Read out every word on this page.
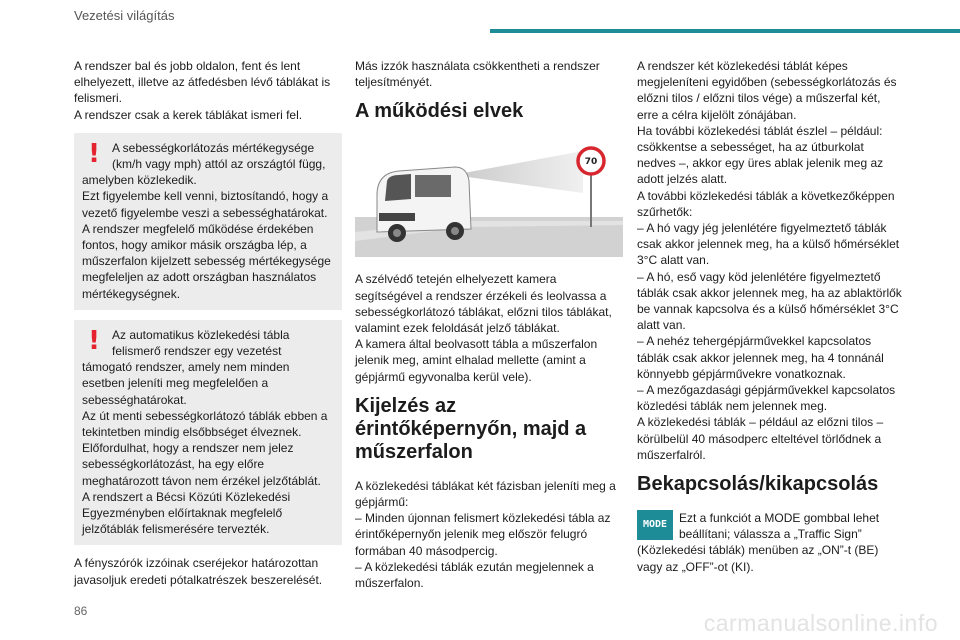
Vezetési világítás

A rendszer bal és jobb oldalon, fent és lent elhelyezett, illetve az átfedésben lévő táblákat is felismeri.
A rendszer csak a kerek táblákat ismeri fel.

!	A sebességkorlátozás mértékegysége (km/h vagy mph) attól az országtól függ, amelyben közlekedik.
Ezt figyelembe kell venni, biztosítandó, hogy a vezető figyelembe veszi a sebességhatárokat.
A rendszer megfelelő működése érdekében fontos, hogy amikor másik országba lép, a műszerfalon kijelzett sebesség mértékegysége megfeleljen az adott országban használatos mértékegységnek.

!	Az automatikus közlekedési tábla felismerő rendszer egy vezetést támogató rendszer, amely nem minden esetben jeleníti meg megfelelően a sebességhatárokat.
Az út menti sebességkorlátozó táblák ebben a tekintetben mindig elsőbbséget élveznek.
Előfordulhat, hogy a rendszer nem jelez sebességkorlátozást, ha egy előre meghatározott távon nem érzékel jelzőtáblát.
A rendszert a Bécsi Közúti Közlekedési Egyezményben előírtaknak megfelelő jelzőtáblák felismerésére tervezték.

A fényszórók izzóinak cseréjekor határozottan javasoljuk eredeti pótalkatrészek beszerelését.

Más izzók használata csökkentheti a rendszer teljesítményét.

A működési elvek
70

A szélvédő tetején elhelyezett kamera segítségével a rendszer érzékeli és leolvassa a sebességkorlátozó táblákat, előzni tilos táblákat, valamint ezek feloldását jelző táblákat.
A kamera által beolvasott tábla a műszerfalon jelenik meg, amint elhalad mellette (amint a gépjármű egyvonalba kerül vele).

Kijelzés az érintőképernyőn, majd a műszerfalon

A közlekedési táblákat két fázisban jeleníti meg a gépjármű:
– Minden újonnan felismert közlekedési tábla az érintőképernyőn jelenik meg először felugró formában 40 másodpercig.
– A közlekedési táblák ezután megjelennek a műszerfalon.

A rendszer két közlekedési táblát képes megjeleníteni egyidőben (sebességkorlátozás és előzni tilos / előzni tilos vége) a műszerfal két, erre a célra kijelölt zónájában.
Ha további közlekedési táblát észlel – például: csökkentse a sebességet, ha az útburkolat nedves –, akkor egy üres ablak jelenik meg az adott jelzés alatt.
A további közlekedési táblák a következőképpen szűrhetők:
– A hó vagy jég jelenlétére figyelmeztető táblák csak akkor jelennek meg, ha a külső hőmérséklet 3°C alatt van.
– A hó, eső vagy köd jelenlétére figyelmeztető táblák csak akkor jelennek meg, ha az ablaktörlők be vannak kapcsolva és a külső hőmérséklet 3°C alatt van.
– A nehéz tehergépjárművekkel kapcsolatos táblák csak akkor jelennek meg, ha 4 tonnánál könnyebb gépjárművekre vonatkoznak.
– A mezőgazdasági gépjárművekkel kapcsolatos közledési táblák nem jelennek meg.
A közlekedési táblák – például az előzni tilos – körülbelül 40 másodperc elteltével törlődnek a műszerfalról.

Bekapcsolás/kikapcsolás
MODE Ezt a funkciót a MODE gombbal lehet beállítani; válassza a „Traffic Sign” (Közlekedési táblák) menüben az „ON”-t (BE) vagy az „OFF”-ot (KI).

86	carmanualsonline.info
